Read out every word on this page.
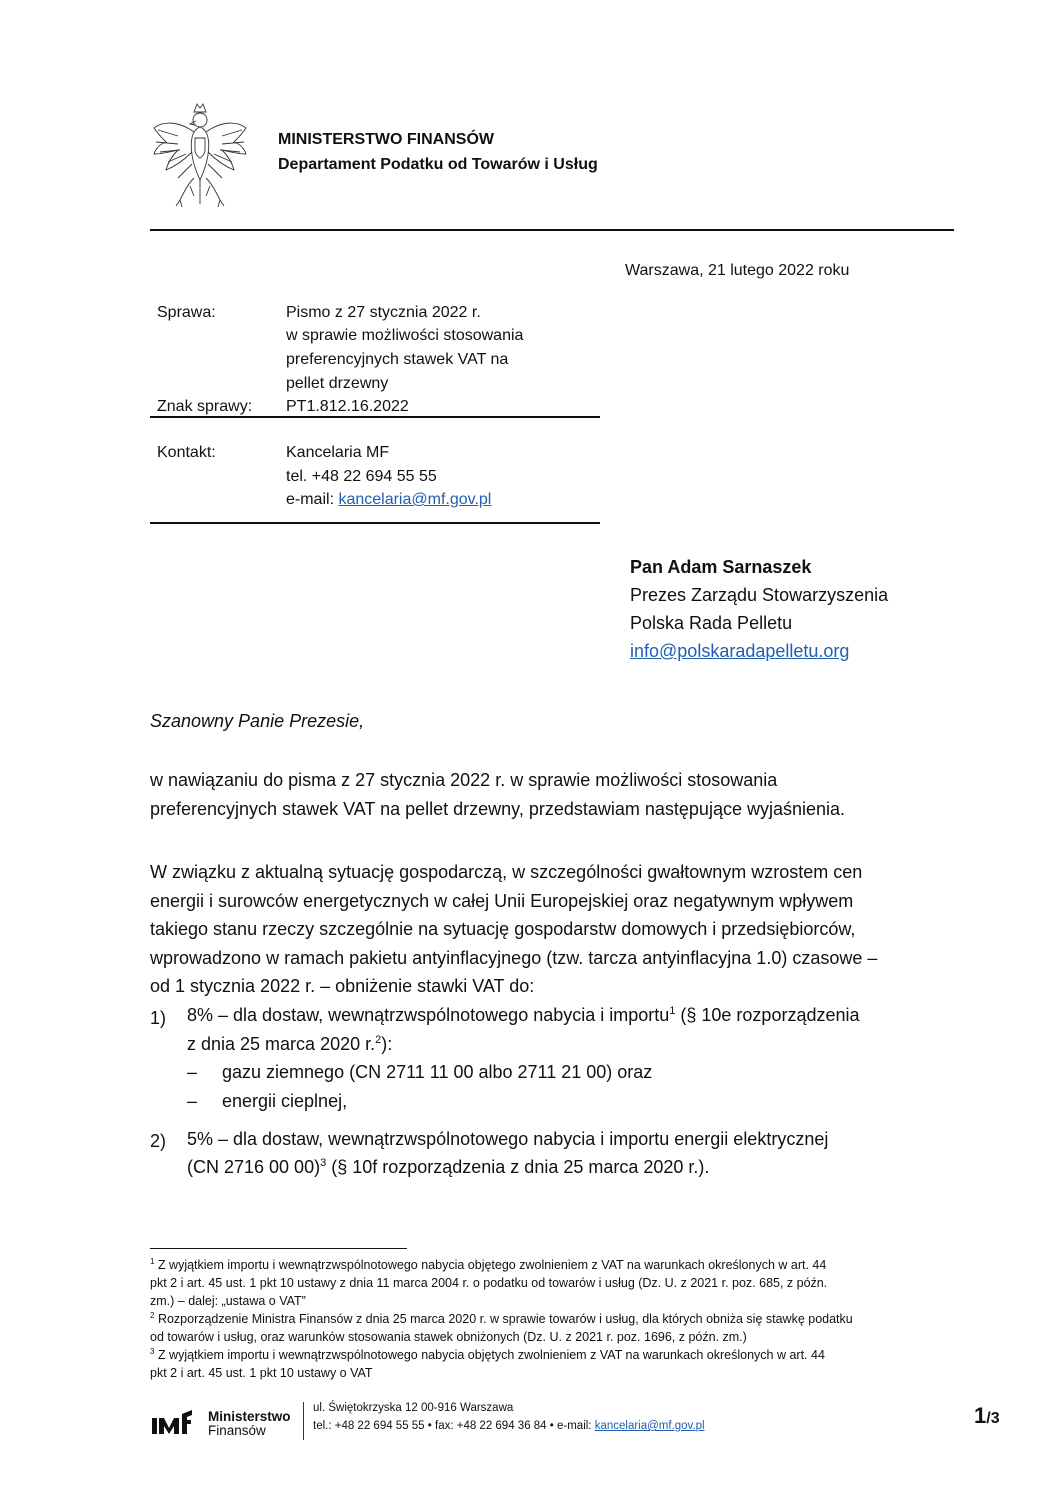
MINISTERSTWO FINANSÓW
Departament Podatku od Towarów i Usług
Warszawa, 21 lutego 2022 roku
Sprawa:	Pismo z 27 stycznia 2022 r.
w sprawie możliwości stosowania
preferencyjnych stawek VAT na
pellet drzewny
Znak sprawy: PT1.812.16.2022
Kontakt:	Kancelaria MF
tel. +48 22 694 55 55
e-mail: kancelaria@mf.gov.pl
Pan Adam Sarnaszek
Prezes Zarządu Stowarzyszenia
Polska Rada Pelletu
info@polskaradapelletu.org
Szanowny Panie Prezesie,
w nawiązaniu do pisma z 27 stycznia 2022 r. w sprawie możliwości stosowania
preferencyjnych stawek VAT na pellet drzewny, przedstawiam następujące wyjaśnienia.
W związku z aktualną sytuację gospodarczą, w szczególności gwałtownym wzrostem cen
energii i surowców energetycznych w całej Unii Europejskiej oraz negatywnym wpływem
takiego stanu rzeczy szczególnie na sytuację gospodarstw domowych i przedsiębiorców,
wprowadzono w ramach pakietu antyinflacyjnego (tzw. tarcza antyinflacyjna 1.0) czasowe –
od 1 stycznia 2022 r. – obniżenie stawki VAT do:
1) 8% – dla dostaw, wewnątrzwspólnotowego nabycia i importu$^1$ (§ 10e rozporządzenia
z dnia 25 marca 2020 r.$^2$):
–	gazu ziemnego (CN 2711 11 00 albo 2711 21 00) oraz
–	energii cieplnej,
2) 5% – dla dostaw, wewnątrzwspólnotowego nabycia i importu energii elektrycznej
(CN 2716 00 00)$^3$ (§ 10f rozporządzenia z dnia 25 marca 2020 r.).
$^1$ Z wyjątkiem importu i wewnątrzwspólnotowego nabycia objętego zwolnieniem z VAT na warunkach określonych w art. 44
pkt 2 i art. 45 ust. 1 pkt 10 ustawy z dnia 11 marca 2004 r. o podatku od towarów i usług (Dz. U. z 2021 r. poz. 685, z późn.
zm.) – dalej: „ustawa o VAT”
$^2$ Rozporządzenie Ministra Finansów z dnia 25 marca 2020 r. w sprawie towarów i usług, dla których obniża się stawkę podatku
od towarów i usług, oraz warunków stosowania stawek obniżonych (Dz. U. z 2021 r. poz. 1696, z późn. zm.)
$^3$ Z wyjątkiem importu i wewnątrzwspólnotowego nabycia objętych zwolnieniem z VAT na warunkach określonych w art. 44
pkt 2 i art. 45 ust. 1 pkt 10 ustawy o VAT
Ministerstwo
Finansów
ul. Świętokrzyska 12 00-916 Warszawa
tel.: +48 22 694 55 55 • fax: +48 22 694 36 84 • e-mail: kancelaria@mf.gov.pl	1/3
